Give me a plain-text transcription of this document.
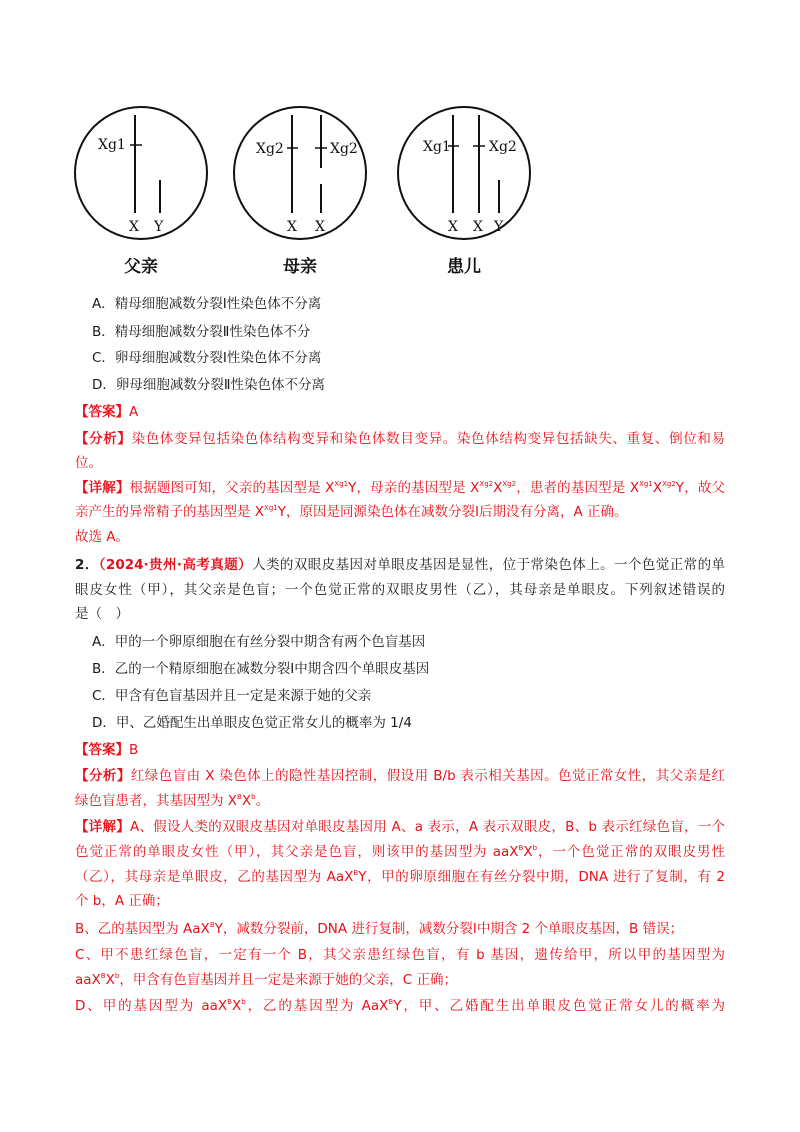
Xg1
X Y
父亲
Xg2	Xg2
X X
母亲
Xg1	Xg2
X X Y
患儿
A．精母细胞减数分裂Ⅰ性染色体不分离
B．精母细胞减数分裂Ⅱ性染色体不分
C．卵母细胞减数分裂Ⅰ性染色体不分离
D．卵母细胞减数分裂Ⅱ性染色体不分离
【答案】A
【分析】染色体变异包括染色体结构变异和染色体数目变异。染色体结构变异包括缺失、重复、倒位和易
位。
【详解】根据题图可知，父亲的基因型是 $X^{Xg1}Y$，母亲的基因型是 $X^{Xg2}X^{Xg2}$，患者的基因型是 $X^{Xg1}X^{Xg2}Y$，故父
亲产生的异常精子的基因型是 $X^{Xg1}Y$，原因是同源染色体在减数分裂Ⅰ后期没有分离，A 正确。
故选 A。
2．（2024·贵州·高考真题）人类的双眼皮基因对单眼皮基因是显性，位于常染色体上。一个色觉正常的单
眼皮女性（甲），其父亲是色盲；一个色觉正常的双眼皮男性（乙），其母亲是单眼皮。下列叙述错误的
是（　）
A．甲的一个卵原细胞在有丝分裂中期含有两个色盲基因
B．乙的一个精原细胞在减数分裂Ⅰ中期含四个单眼皮基因
C．甲含有色盲基因并且一定是来源于她的父亲
D．甲、乙婚配生出单眼皮色觉正常女儿的概率为 1/4
【答案】B
【分析】红绿色盲由 X 染色体上的隐性基因控制，假设用 B/b 表示相关基因。色觉正常女性，其父亲是红
绿色盲患者，其基因型为 $X^BX^b$。
【详解】A、假设人类的双眼皮基因对单眼皮基因用 A、a 表示，A 表示双眼皮，B、b 表示红绿色盲，一个
色觉正常的单眼皮女性（甲），其父亲是色盲，则该甲的基因型为 $aaX^BX^b$，一个色觉正常的双眼皮男性
（乙），其母亲是单眼皮，乙的基因型为 AaX$^B$Y，甲的卵原细胞在有丝分裂中期，DNA 进行了复制，有 2
个 b，A 正确；
B、乙的基因型为 AaX$^B$Y，减数分裂前，DNA 进行复制，减数分裂Ⅰ中期含 2 个单眼皮基因，B 错误；
C、甲不患红绿色盲，一定有一个 B，其父亲患红绿色盲，有 b 基因，遗传给甲，所以甲的基因型为
$aaX^BX^b$，甲含有色盲基因并且一定是来源于她的父亲，C 正确；
D、甲的基因型为 $aaX^BX^b$，乙的基因型为 AaX$^B$Y，甲、乙婚配生出单眼皮色觉正常女儿的概率为
